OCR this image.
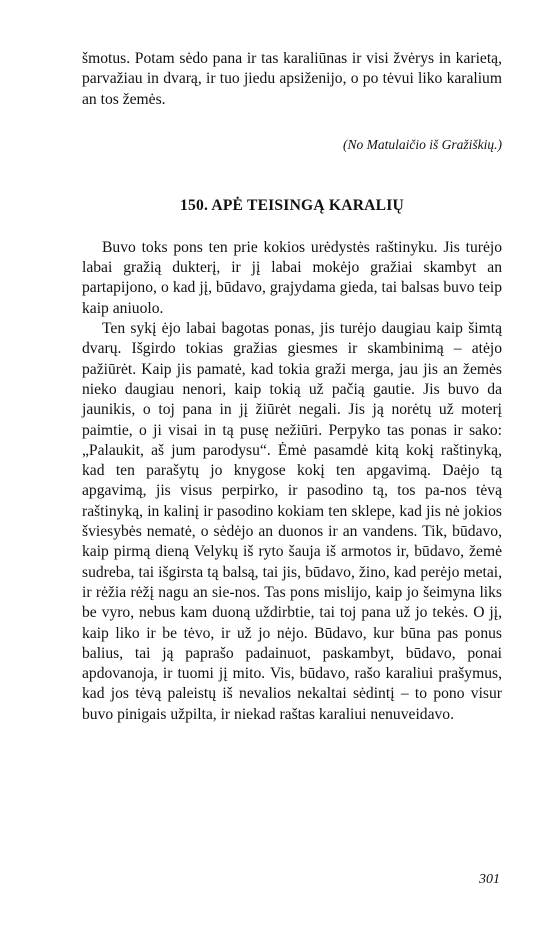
šmotus. Potam sėdo pana ir tas karaliūnas ir visi žvėrys in karietą, parvažiau in dvarą, ir tuo jiedu apsiženijo, o po tėvui liko karalium an tos žemės.

(No Matulaičio iš Gražiškių.)

150. APĖ TEISINGĄ KARALIŲ

Buvo toks pons ten prie kokios urėdystės raštinyku. Jis turėjo labai gražią dukterį, ir jį labai mokėjo gražiai skambyt an partapijono, o kad jį, būdavo, grajydama gieda, tai balsas buvo teip kaip aniuolo.

Ten sykį ėjo labai bagotas ponas, jis turėjo daugiau kaip šimtą dvarų. Išgirdo tokias gražias giesmes ir skambinimą – atėjo pažiūrėt. Kaip jis pamatė, kad tokia graži merga, jau jis an žemės nieko daugiau nenori, kaip tokią už pačią gautie. Jis buvo da jaunikis, o toj pana in jį žiūrėt negali. Jis ją norėtų už moterį paimtie, o ji visai in tą pusę nežiūri. Perpyko tas ponas ir sako: „Palaukit, aš jum parodysu“. Ėmė pasamdė kitą kokį raštinyką, kad ten parašytų jo knygose kokį ten apgavimą. Daėjo tą apgavimą, jis visus perpirko, ir pasodino tą, tos pa-nos tėvą raštinyką, in kalinį ir pasodino kokiam ten sklepe, kad jis nė jokios šviesybės nematė, o sėdėjo an duonos ir an vandens. Tik, būdavo, kaip pirmą dieną Velykų iš ryto šauja iš armotos ir, būdavo, žemė sudreba, tai išgirsta tą balsą, tai jis, būdavo, žino, kad perėjo metai, ir rėžia rėžį nagu an sie-nos. Tas pons mislijo, kaip jo šeimyna liks be vyro, nebus kam duoną uždirbtie, tai toj pana už jo tekės. O jį, kaip liko ir be tėvo, ir už jo nėjo. Būdavo, kur būna pas ponus balius, tai ją paprašo padainuot, paskambyt, būdavo, ponai apdovanoja, ir tuomi jį mito. Vis, būdavo, rašo karaliui prašymus, kad jos tėvą paleistų iš nevalios nekaltai sėdintį – to pono visur buvo pinigais užpilta, ir niekad raštas karaliui nenuveidavo.

301
